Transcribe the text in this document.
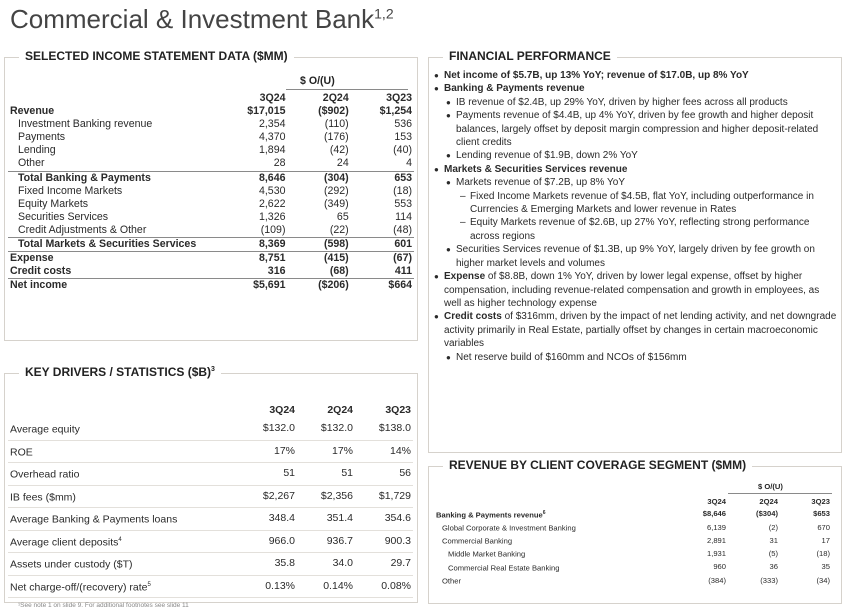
Commercial & Investment Bank$^{1,2}$
SELECTED INCOME STATEMENT DATA ($MM)
$ O/(U)
	3Q24	2Q24	3Q23
Revenue	$17,015	($902)	$1,254
Investment Banking revenue	2,354	(110)	536
Payments	4,370	(176)	153
Lending	1,894	(42)	(40)
Other	28	24	4
Total Banking & Payments	8,646	(304)	653
Fixed Income Markets	4,530	(292)	(18)
Equity Markets	2,622	(349)	553
Securities Services	1,326	65	114
Credit Adjustments & Other	(109)	(22)	(48)
Total Markets & Securities Services	8,369	(598)	601
Expense	8,751	(415)	(67)
Credit costs	316	(68)	411
Net income	$5,691	($206)	$664
KEY DRIVERS / STATISTICS ($B)$^3$
	3Q24	2Q24	3Q23
Average equity	$132.0	$132.0	$138.0
ROE	17%	17%	14%
Overhead ratio	51	51	56
IB fees ($mm)	$2,267	$2,356	$1,729
Average Banking & Payments loans	348.4	351.4	354.6
Average client deposits$^4$	966.0	936.7	900.3
Assets under custody ($T)	35.8	34.0	29.7
Net charge-off/(recovery) rate$^5$	0.13%	0.14%	0.08%
FINANCIAL PERFORMANCE
● Net income of $5.7B, up 13% YoY; revenue of $17.0B, up 8% YoY
● Banking & Payments revenue
● IB revenue of $2.4B, up 29% YoY, driven by higher fees across all products
● Payments revenue of $4.4B, up 4% YoY, driven by fee growth and higher deposit balances, largely offset by deposit margin compression and higher deposit-related client credits
● Lending revenue of $1.9B, down 2% YoY
● Markets & Securities Services revenue
● Markets revenue of $7.2B, up 8% YoY
– Fixed Income Markets revenue of $4.5B, flat YoY, including outperformance in Currencies & Emerging Markets and lower revenue in Rates
– Equity Markets revenue of $2.6B, up 27% YoY, reflecting strong performance across regions
● Securities Services revenue of $1.3B, up 9% YoY, largely driven by fee growth on higher market levels and volumes
● Expense of $8.8B, down 1% YoY, driven by lower legal expense, offset by higher compensation, including revenue-related compensation and growth in employees, as well as higher technology expense
● Credit costs of $316mm, driven by the impact of net lending activity, and net downgrade activity primarily in Real Estate, partially offset by changes in certain macroeconomic variables
● Net reserve build of $160mm and NCOs of $156mm
REVENUE BY CLIENT COVERAGE SEGMENT ($MM)
$ O/(U)
	3Q24	2Q24	3Q23
Banking & Payments revenue$^6$	$8,646	($304)	$653
Global Corporate & Investment Banking	6,139	(2)	670
Commercial Banking	2,891	31	17
Middle Market Banking	1,931	(5)	(18)
Commercial Real Estate Banking	960	36	35
Other	(384)	(333)	(34)
¹See note 1 on slide 9. For additional footnotes see slide 11
